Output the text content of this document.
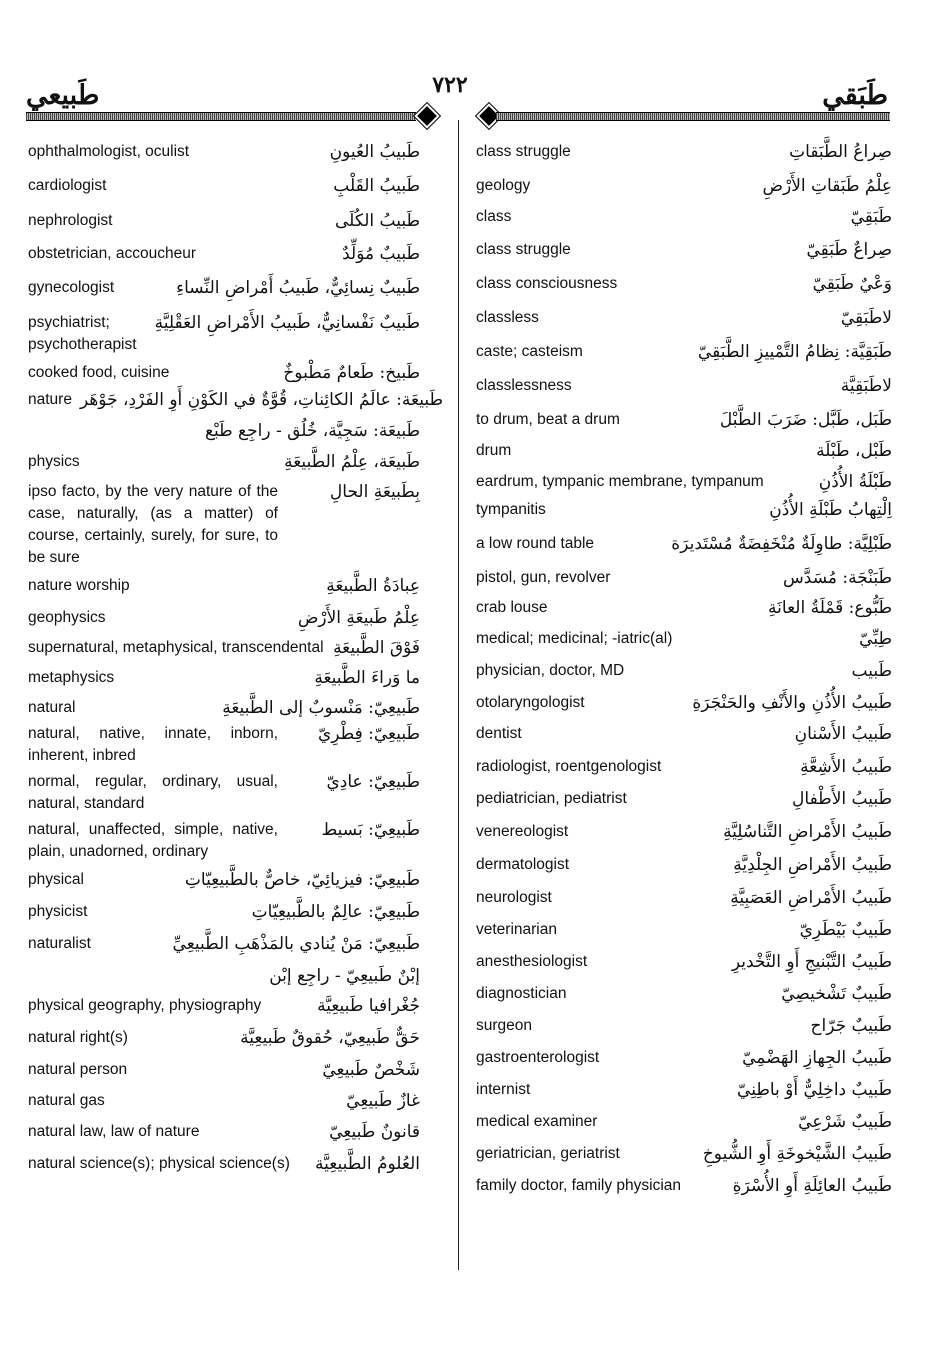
طَبيعي	٧٢٢	طَبَقي
ophthalmologist, oculist	طَبيبُ العُيونِ
cardiologist	طَبيبُ القَلْبِ
nephrologist	طَبيبُ الكُلَى
obstetrician, accoucheur	طَبيبٌ مُوَلِّدٌ
gynecologist	طَبيبٌ نِسائِيٌّ، طَبيبُ أَمْراضِ النِّساءِ
psychiatrist; psychotherapist
طَبيبٌ نَفْسانِيٌّ، طَبيبُ الأَمْراضِ العَقْلِيَّةِ
cooked food, cuisine	طَبيخ: طَعامٌ مَطْبوخٌ
nature طَبيعَة: عالَمُ الكائِناتِ، قُوَّةٌ في الكَوْنِ أَوِ الفَرْدِ، جَوْهَر
طَبيعَة: سَجِيَّة، خُلُق - راجِع طَبْع
physics	طَبيعَة، عِلْمُ الطَّبيعَةِ
ipso facto, by the very nature of the case, naturally, (as a matter) of course, certainly, surely, for sure, to be sure
بِطَبيعَةِ الحالِ
nature worship	عِبادَةُ الطَّبيعَةِ
geophysics	عِلْمُ طَبيعَةِ الأَرْضِ
supernatural, metaphysical, transcendental فَوْقَ الطَّبيعَةِ
metaphysics	ما وَراءَ الطَّبيعَةِ
natural	طَبيعِيّ: مَنْسوبٌ إلى الطَّبيعَةِ
natural, native, innate, inborn, inherent, inbred
طَبيعِيّ: فِطْرِيّ
normal, regular, ordinary, usual, natural, standard
طَبيعِيّ: عادِيّ
natural, unaffected, simple, native, plain, unadorned, ordinary
طَبيعِيّ: بَسيط
physical	طَبيعِيّ: فيزيائِيّ، خاصٌّ بالطَّبيعِيّاتِ
physicist	طَبيعِيّ: عالِمٌ بالطَّبيعِيّاتِ
naturalist	طَبيعِيّ: مَنْ يُنادي بالمَذْهَبِ الطَّبيعِيِّ
إبْنٌ طَبيعِيّ - راجِع إبْن
physical geography, physiography	جُغْرافيا طَبيعِيَّة
natural right(s)	حَقٌّ طَبيعِيّ، حُقوقٌ طَبيعِيَّة
natural person	شَخْصٌ طَبيعِيّ
natural gas	غازٌ طَبيعِيّ
natural law, law of nature	قانونٌ طَبيعِيّ
natural science(s); physical science(s)	العُلومُ الطَّبيعِيَّة
class struggle	صِراعُ الطَّبَقاتِ
geology	عِلْمُ طَبَقاتِ الأَرْضِ
class	طَبَقِيّ
class struggle	صِراعٌ طَبَقِيّ
class consciousness	وَعْيٌ طَبَقِيّ
classless	لاطَبَقِيّ
caste; casteism	طَبَقِيَّة: نِظامُ التَّمْييزِ الطَّبَقِيّ
classlessness	لاطَبَقِيَّة
to drum, beat a drum	طَبَل، طَبَّل: ضَرَبَ الطَّبْلَ
drum	طَبْل، طَبْلَة
eardrum, tympanic membrane, tympanum	طَبْلَةُ الأُذُنِ
tympanitis	اِلْتِهابُ طَبْلَةِ الأُذُنِ
a low round table	طَبْلِيَّة: طاوِلَةٌ مُنْخَفِضَةٌ مُسْتَديرَة
pistol, gun, revolver	طَبَنْجَة: مُسَدَّس
crab louse	طَبُّوع: قَمْلَةُ العانَةِ
medical; medicinal; -iatric(al)	طِبِّيّ
physician, doctor, MD	طَبيب
otolaryngologist	طَبيبُ الأُذُنِ والأَنْفِ والحَنْجَرَةِ
dentist	طَبيبُ الأَسْنانِ
radiologist, roentgenologist	طَبيبُ الأَشِعَّةِ
pediatrician, pediatrist	طَبيبُ الأَطْفالِ
venereologist	طَبيبُ الأَمْراضِ التَّناسُلِيَّةِ
dermatologist	طَبيبُ الأَمْراضِ الجِلْدِيَّةِ
neurologist	طَبيبُ الأَمْراضِ العَصَبِيَّةِ
veterinarian	طَبيبٌ بَيْطَرِيّ
anesthesiologist	طَبيبُ التَّبْنيجِ أَوِ التَّخْديرِ
diagnostician	طَبيبٌ تَشْخيصِيّ
surgeon	طَبيبٌ جَرّاح
gastroenterologist	طَبيبُ الجِهازِ الهَضْمِيّ
internist	طَبيبٌ داخِلِيٌّ أَوْ باطِنِيّ
medical examiner	طَبيبٌ شَرْعِيّ
geriatrician, geriatrist	طَبيبُ الشَّيْخوخَةِ أَوِ الشُّيوخِ
family doctor, family physician	طَبيبُ العائِلَةِ أَوِ الأُسْرَةِ
